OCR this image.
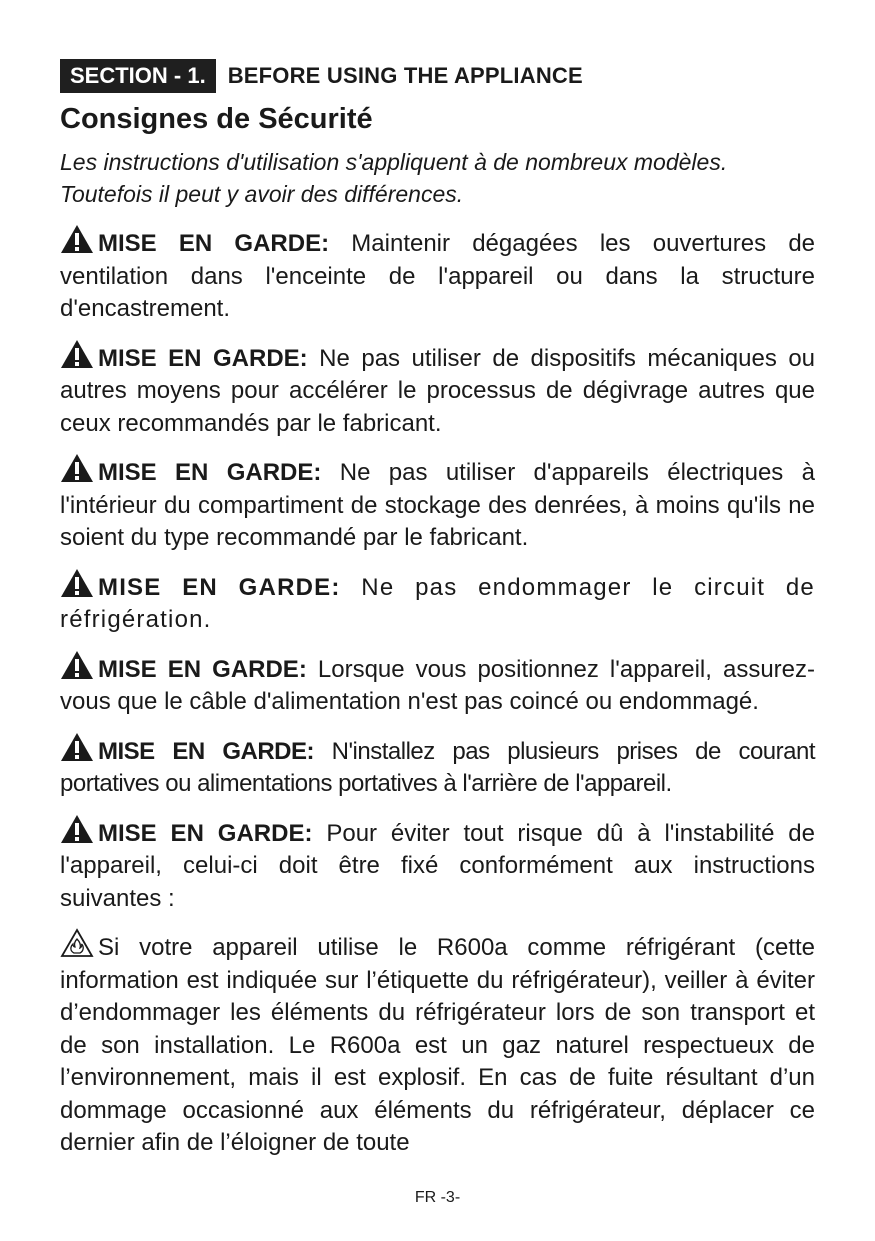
SECTION - 1.	BEFORE USING THE APPLIANCE
Consignes de Sécurité

Les instructions d'utilisation s'appliquent à de nombreux modèles. Toutefois il peut y avoir des différences.

MISE EN GARDE: Maintenir dégagées les ouvertures de ventilation dans l'enceinte de l'appareil ou dans la structure d'encastrement.

MISE EN GARDE: Ne pas utiliser de dispositifs mécaniques ou autres moyens pour accélérer le processus de dégivrage autres que ceux recommandés par le fabricant.

MISE EN GARDE: Ne pas utiliser d'appareils électriques à l'intérieur du compartiment de stockage des denrées, à moins qu'ils ne soient du type recommandé par le fabricant.

MISE EN GARDE: Ne pas endommager le circuit de réfrigération.

MISE EN GARDE: Lorsque vous positionnez l'appareil, assurez-vous que le câble d'alimentation n'est pas coincé ou endommagé.

MISE EN GARDE: N'installez pas plusieurs prises de courant portatives ou alimentations portatives à l'arrière de l'appareil.

MISE EN GARDE: Pour éviter tout risque dû à l'instabilité de l'appareil, celui-ci doit être fixé conformément aux instructions suivantes :

Si votre appareil utilise le R600a comme réfrigérant (cette information est indiquée sur l’étiquette du réfrigérateur), veiller à éviter d’endommager les éléments du réfrigérateur lors de son transport et de son installation. Le R600a est un gaz naturel respectueux de l’environnement, mais il est explosif. En cas de fuite résultant d’un dommage occasionné aux éléments du réfrigérateur, déplacer ce dernier afin de l’éloigner de toute

FR -3-
